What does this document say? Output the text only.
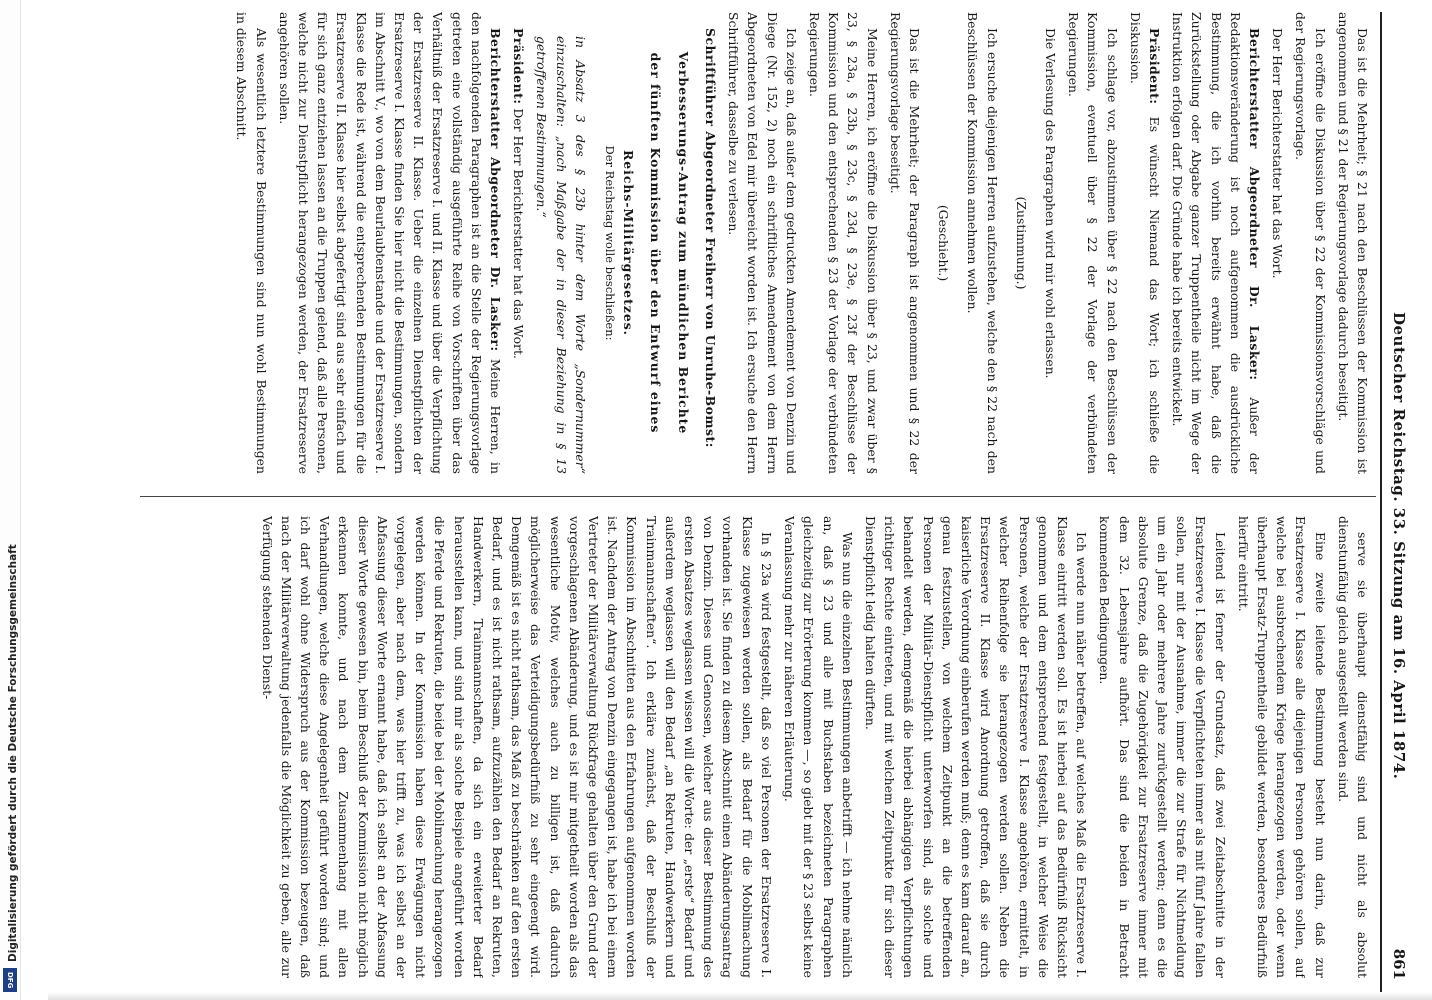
Digitalisierung gefördert durch die Deutsche Forschungsgemeinschaft
DFG
Deutscher Reichstag. 33. Sitzung am 16. April 1874.
861

Das ist die Mehrheit; § 21 nach den Beschlüssen der Kommission ist angenommen und § 21 der Regierungsvorlage dadurch beseitigt.

Ich eröffne die Diskussion über § 22 der Kommissionsvorschläge und der Regierungsvorlage.

Der Herr Berichterstatter hat das Wort.

Berichterstatter Abgeordneter Dr. Lasker: Außer der Redaktionsveränderung ist noch aufgenommen die ausdrückliche Bestimmung, die ich vorhin bereits erwähnt habe, daß die Zurückstellung oder Abgabe ganzer Truppentheile nicht im Wege der Instruktion erfolgen darf. Die Gründe habe ich bereits entwickelt.

Präsident: Es wünscht Niemand das Wort; ich schließe die Diskussion.

Ich schlage vor, abzustimmen über § 22 nach den Beschlüssen der Kommission, eventuell über § 22 der Vorlage der verbündeten Regierungen.

Die Verlesung des Paragraphen wird mir wohl erlassen.

(Zustimmung.)

Ich ersuche diejenigen Herren aufzustehen, welche den § 22 nach den Beschlüssen der Kommission annehmen wollen.

(Geschieht.)

Das ist die Mehrheit; der Paragraph ist angenommen und § 22 der Regierungsvorlage beseitigt.

Meine Herren, ich eröffne die Diskussion über § 23, und zwar über § 23, § 23a, § 23b, § 23c, § 23d, § 23e, § 23f der Beschlüsse der Kommission und den entsprechenden § 23 der Vorlage der verbündeten Regierungen.

Ich zeige an, daß außer dem gedruckten Amendement von Denzin und Diege (Nr. 152, 2) noch ein schriftliches Amendement von dem Herrn Abgeordneten von Edel mir übereicht worden ist. Ich ersuche den Herrn Schriftführer, dasselbe zu verlesen.

Schriftführer Abgeordneter Freiherr von Unruhe-Bomst:

Verbesserungs-Antrag zum mündlichen Berichte

der fünften Kommission über den Entwurf eines

Reichs-Militärgesetzes.

Der Reichstag wolle beschließen:

in Absatz 3 des § 23b hinter dem Worte „Sondernummer“ einzuschalten: „nach Maßgabe der in dieser Beziehung in § 13 getroffenen Bestimmungen.“

Präsident: Der Herr Berichterstatter hat das Wort.

Berichterstatter Abgeordneter Dr. Lasker: Meine Herren, in den nachfolgenden Paragraphen ist an die Stelle der Regierungsvorlage getreten eine vollständig ausgeführte Reihe von Vorschriften über das Verhältniß der Ersatzreserve I. und II. Klasse und über die Verpflichtung der Ersatzreserve II. Klasse. Ueber die einzelnen Dienstpflichten der Ersatzreserve I. Klasse finden Sie hier nicht die Bestimmungen, sondern im Abschnitt V., wo von dem Beurlaubtenstande und der Ersatzreserve I. Klasse die Rede ist, während die entsprechenden Bestimmungen für die Ersatzreserve II. Klasse hier selbst abgefertigt sind aus sehr einfach und für sich ganz entziehen lassen an die Truppen gelend, daß alle Personen, welche nicht zur Dienstpflicht herangezogen werden, der Ersatzreserve angehören sollen.

Als wesentlich letztere Bestimmungen sind nun wohl Bestimmungen in diesem Abschnitt.

serve sie überhaupt dienstfähig sind und nicht als absolut dienstunfähig gleich ausgestellt werden sind.

Eine zweite leitende Bestimmung besteht nun darin, daß zur Ersatzreserve I. Klasse alle diejenigen Personen gehören sollen, auf welche bei ausbrechendem Kriege herangezogen werden, oder wenn überhaupt Ersatz-Truppentheile gebildet werden, besonderes Bedürfniß hierfür eintritt.

Leitend ist ferner der Grundsatz, daß zwei Zeitabschnitte in der Ersatzreserve I. Klasse die Verpflichteten immer als mit fünf Jahre fallen sollen, nur mit der Ausnahme, immer die zur Strafe für Nichtmeldung um ein Jahr oder mehrere Jahre zurückgestellt werden; denn es die absolute Grenze, daß die Zugehörigkeit zur Ersatzreserve immer mit dem 32. Lebensjahre aufhört. Das sind die beiden in Betracht kommenden Bedingungen.

Ich werde nun näher betreffen, auf welches Maß die Ersatzreserve I. Klasse eintritt werden soll. Es ist hierbei auf das Bedürfniß Rücksicht genommen und dem entsprechend festgestellt, in welcher Weise die Personen, welche der Ersatzreserve I. Klasse angehören, ermittelt, in welcher Reihenfolge sie herangezogen werden sollen. Neben die Ersatzreserve II. Klasse wird Anordnung getroffen, daß sie durch kaiserliche Verordnung einberufen werden muß; denn es kam darauf an, genau festzustellen, von welchem Zeitpunkt an die betreffenden Personen der Militär-Dienstpflicht unterworfen sind, als solche und behandelt werden, demgemäß die hierbei abhängigen Verpflichtungen richtiger Rechte eintreten, und mit welchem Zeitpunkte für sich dieser Dienstpflicht ledig halten dürften.

Was nun die einzelnen Bestimmungen anbetrifft — ich nehme nämlich an, daß § 23 und alle mit Buchstaben bezeichneten Paragraphen gleichzeitig zur Erörterung kommen —, so giebt mit der § 23 selbst keine Veranlassung mehr zur näheren Erläuterung.

In § 23a wird festgestellt, daß so viel Personen der Ersatzreserve I. Klasse zugewiesen werden sollen, als Bedarf für die Mobilmachung vorhanden ist. Sie finden zu diesem Abschnitt einen Abänderungsantrag von Denzin. Dieses und Genossen, welcher aus dieser Bestimmung des ersten Absatzes weglassen wissen will die Worte: der „erste“ Bedarf und außerdem weglassen will den Bedarf „an Rekruten, Handwerkern und Trainmannschaften“. Ich erkläre zunächst, daß der Beschluß der Kommission im Abschnitten aus den Erfahrungen aufgenommen worden ist. Nachdem der Antrag von Denzin eingegangen ist, habe ich bei einem Vertreter der Militärverwaltung Rückfrage gehalten über den Grund der vorgeschlagenen Abänderung, und es ist mir mitgetheilt worden als das wesentliche Motiv, welches auch zu billigen ist, daß dadurch möglicherweise das Verteidigungsbedürfniß zu sehr eingeengt wird. Demgemäß ist es nicht rathsam, das Maß zu beschränken auf den ersten Bedarf, und es ist nicht rathsam, aufzuzählen den Bedarf an Rekruten, Handwerkern, Trainmannschaften, da sich ein erweiterter Bedarf herausstellen kann, und sind mir als solche Beispiele angeführt worden die Pferde und Rekruten, die beide bei der Mobilmachung herangezogen werden können. In der Kommission haben diese Erwägungen nicht vorgelegen, aber nach dem, was hier trifft zu, was ich selbst an der Abfassung dieser Worte ernannt habe, daß ich selbst an der Abfassung dieser Worte gewesen bin, beim Beschluß der Kommission nicht möglich erkennen konnte, und nach dem Zusammenhang mit allen Verhandlungen, welche diese Angelegenheit geführt worden sind; und ich darf wohl ohne Widerspruch aus der Kommission bezeugen, daß nach der Militärverwaltung jedenfalls die Möglichkeit zu geben, alle zur Verfügung stehenden Dienst-
